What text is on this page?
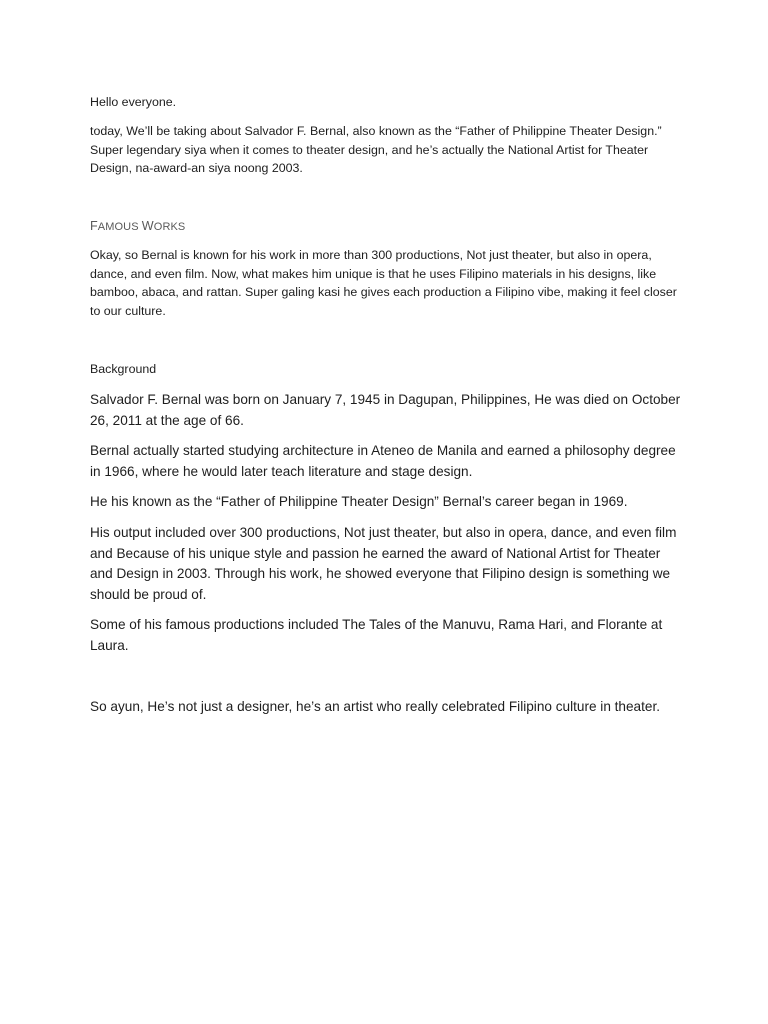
Hello everyone.

today, We’ll be taking about Salvador F. Bernal, also known as the “Father of Philippine Theater Design.” Super legendary siya when it comes to theater design, and he’s actually the National Artist for Theater Design, na-award-an siya noong 2003.

FAMOUS WORKS

Okay, so Bernal is known for his work in more than 300 productions, Not just theater, but also in opera, dance, and even film. Now, what makes him unique is that he uses Filipino materials in his designs, like bamboo, abaca, and rattan. Super galing kasi he gives each production a Filipino vibe, making it feel closer to our culture.

Background

Salvador F. Bernal was born on January 7, 1945 in Dagupan, Philippines, He was died on October 26, 2011 at the age of 66.

Bernal actually started studying architecture in Ateneo de Manila and earned a philosophy degree in 1966, where he would later teach literature and stage design.

He his known as the “Father of Philippine Theater Design” Bernal’s career began in 1969.

His output included over 300 productions, Not just theater, but also in opera, dance, and even film and Because of his unique style and passion he earned the award of National Artist for Theater and Design in 2003. Through his work, he showed everyone that Filipino design is something we should be proud of.

Some of his famous productions included The Tales of the Manuvu, Rama Hari, and Florante at Laura.

So ayun, He’s not just a designer, he’s an artist who really celebrated Filipino culture in theater.
